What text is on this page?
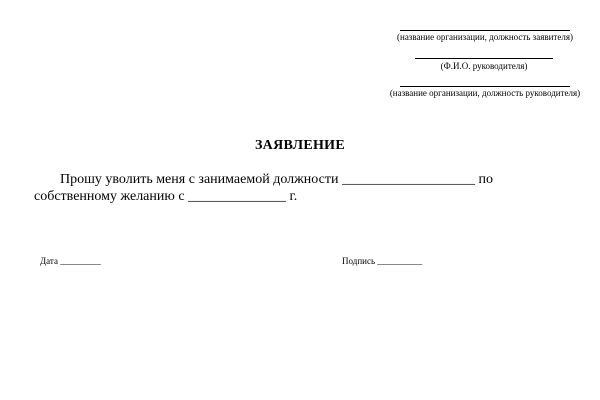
(название организации, должность заявителя)
(Ф.И.О. руководителя)
(название организации, должность руководителя)
ЗАЯВЛЕНИЕ
Прошу уволить меня с занимаемой должности ___________________ по
собственному желанию с ______________ г.
Дата _________	Подпись __________
